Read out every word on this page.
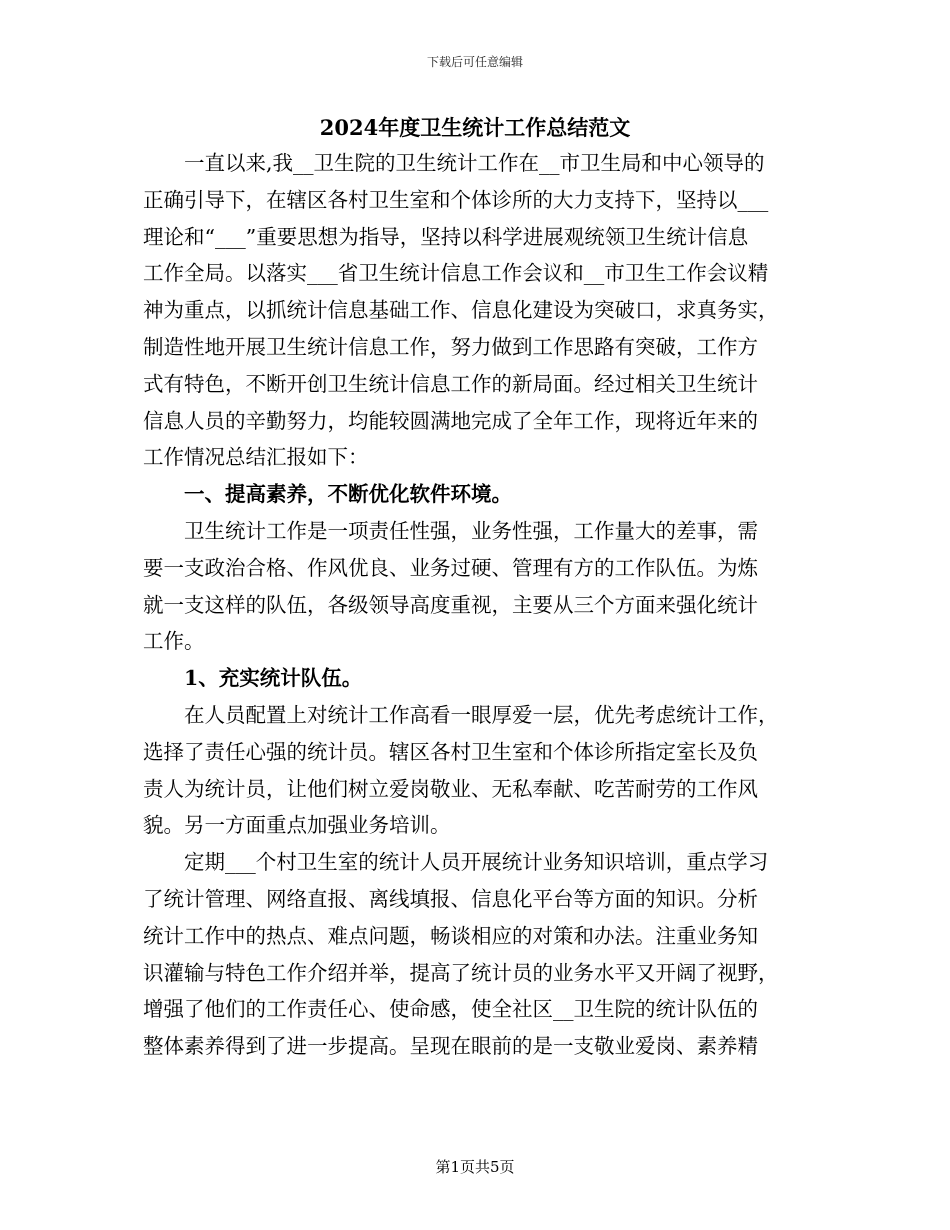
下载后可任意编辑
2024年度卫生统计工作总结范文

一直以来,我__卫生院的卫生统计工作在__市卫生局和中心领导的

正确引导下，在辖区各村卫生室和个体诊所的大力支持下，坚持以___

理论和“___”重要思想为指导，坚持以科学进展观统领卫生统计信息

工作全局。以落实___省卫生统计信息工作会议和__市卫生工作会议精

神为重点，以抓统计信息基础工作、信息化建设为突破口，求真务实，

制造性地开展卫生统计信息工作，努力做到工作思路有突破，工作方

式有特色，不断开创卫生统计信息工作的新局面。经过相关卫生统计

信息人员的辛勤努力，均能较圆满地完成了全年工作，现将近年来的

工作情况总结汇报如下：

一、提高素养，不断优化软件环境。

卫生统计工作是一项责任性强，业务性强，工作量大的差事，需

要一支政治合格、作风优良、业务过硬、管理有方的工作队伍。为炼

就一支这样的队伍，各级领导高度重视，主要从三个方面来强化统计

工作。

1、充实统计队伍。

在人员配置上对统计工作高看一眼厚爱一层，优先考虑统计工作，

选择了责任心强的统计员。辖区各村卫生室和个体诊所指定室长及负

责人为统计员，让他们树立爱岗敬业、无私奉献、吃苦耐劳的工作风

貌。另一方面重点加强业务培训。

定期___个村卫生室的统计人员开展统计业务知识培训，重点学习

了统计管理、网络直报、离线填报、信息化平台等方面的知识。分析

统计工作中的热点、难点问题，畅谈相应的对策和办法。注重业务知

识灌输与特色工作介绍并举，提高了统计员的业务水平又开阔了视野，

增强了他们的工作责任心、使命感，使全社区__卫生院的统计队伍的

整体素养得到了进一步提高。呈现在眼前的是一支敬业爱岗、素养精

第1页共5页
